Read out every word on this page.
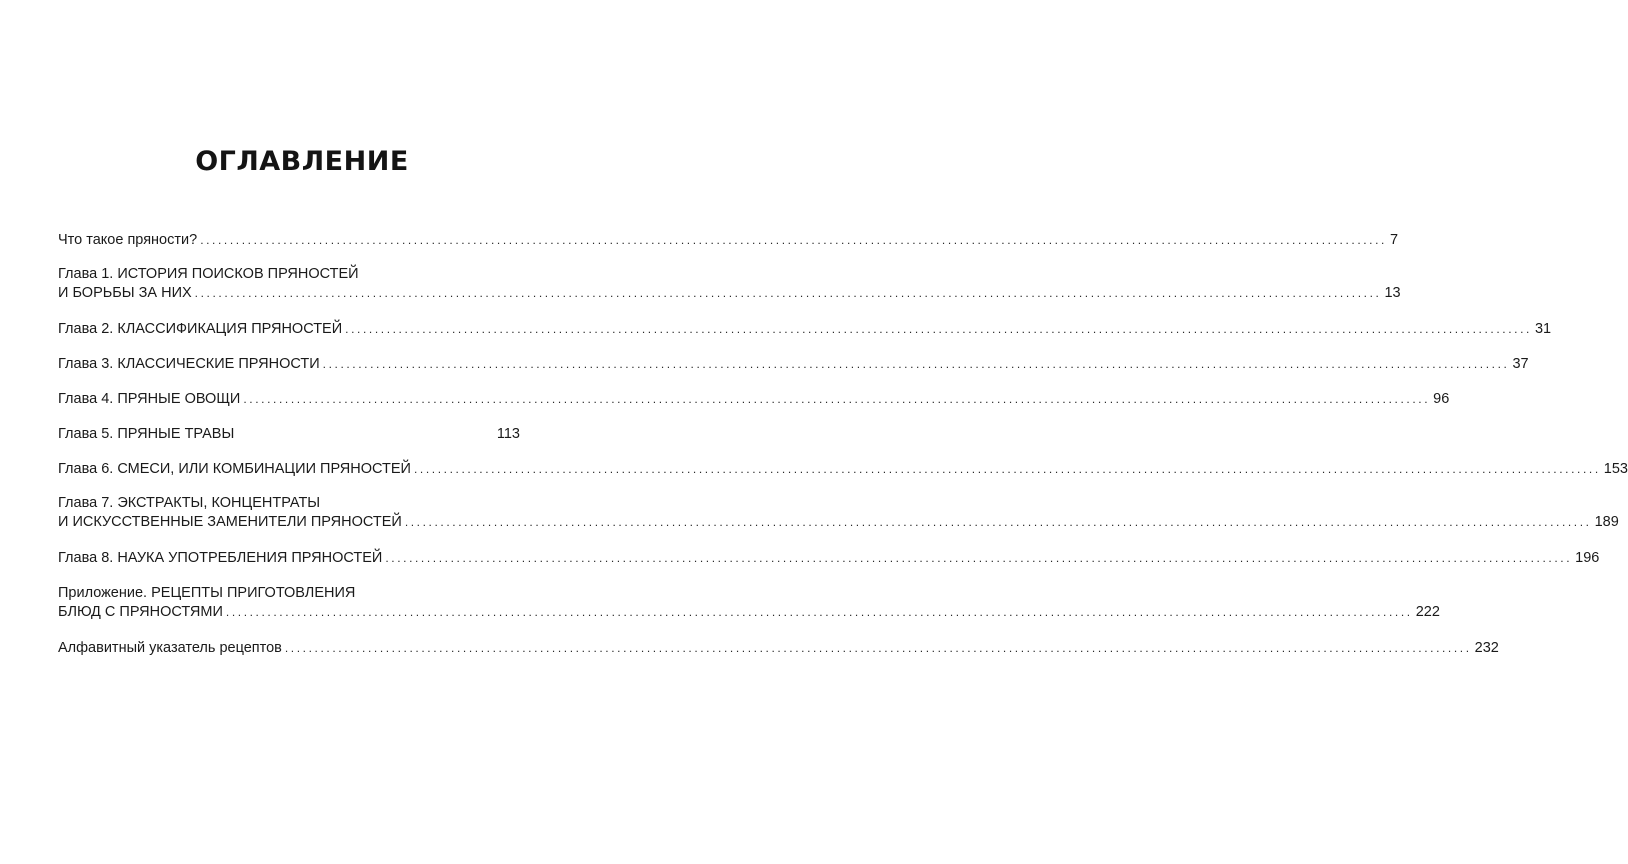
ОГЛАВЛЕНИЕ
Что такое пряности? ........................................................................................................................................................................................................ 7
Глава 1. ИСТОРИЯ ПОИСКОВ ПРЯНОСТЕЙ
И БОРЬБЫ ЗА НИХ ........................................................................................................................................................................................................ 13
Глава 2. КЛАССИФИКАЦИЯ ПРЯНОСТЕЙ ........................................................................................................................................................................................................ 31
Глава 3. КЛАССИЧЕСКИЕ ПРЯНОСТИ ........................................................................................................................................................................................................ 37
Глава 4. ПРЯНЫЕ ОВОЩИ ........................................................................................................................................................................................................ 96
Глава 5. ПРЯНЫЕ ТРАВЫ	113
Глава 6. СМЕСИ, ИЛИ КОМБИНАЦИИ ПРЯНОСТЕЙ ........................................................................................................................................................................................................ 153
Глава 7. ЭКСТРАКТЫ, КОНЦЕНТРАТЫ
И ИСКУССТВЕННЫЕ ЗАМЕНИТЕЛИ ПРЯНОСТЕЙ ........................................................................................................................................................................................................ 189
Глава 8. НАУКА УПОТРЕБЛЕНИЯ ПРЯНОСТЕЙ ........................................................................................................................................................................................................ 196
Приложение. РЕЦЕПТЫ ПРИГОТОВЛЕНИЯ
БЛЮД С ПРЯНОСТЯМИ ........................................................................................................................................................................................................ 222
Алфавитный указатель рецептов ........................................................................................................................................................................................................ 232
